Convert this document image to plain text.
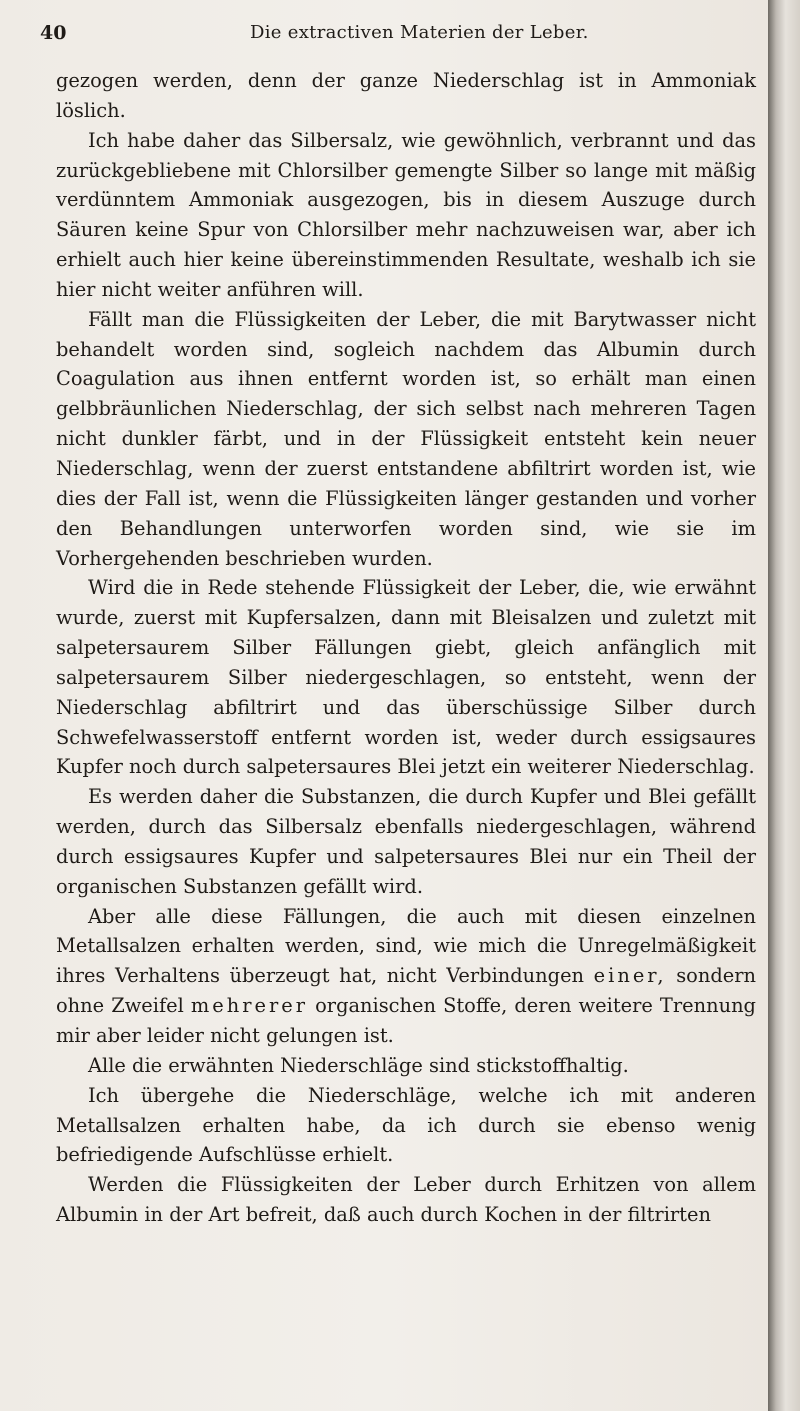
40	Die extractiven Materien der Leber.

gezogen werden, denn der ganze Niederschlag ist in Ammoniak löslich.

Ich habe daher das Silbersalz, wie gewöhnlich, verbrannt und das zurückgebliebene mit Chlorsilber gemengte Silber so lange mit mäßig verdünntem Ammoniak ausgezogen, bis in diesem Auszuge durch Säuren keine Spur von Chlorsilber mehr nachzuweisen war, aber ich erhielt auch hier keine übereinstimmenden Resultate, weshalb ich sie hier nicht weiter anführen will.

Fällt man die Flüssigkeiten der Leber, die mit Barytwasser nicht behandelt worden sind, sogleich nachdem das Albumin durch Coagulation aus ihnen entfernt worden ist, so erhält man einen gelbbräunlichen Niederschlag, der sich selbst nach mehreren Tagen nicht dunkler färbt, und in der Flüssigkeit entsteht kein neuer Niederschlag, wenn der zuerst entstandene abfiltrirt worden ist, wie dies der Fall ist, wenn die Flüssigkeiten länger gestanden und vorher den Behandlungen unterworfen worden sind, wie sie im Vorhergehenden beschrieben wurden.

Wird die in Rede stehende Flüssigkeit der Leber, die, wie erwähnt wurde, zuerst mit Kupfersalzen, dann mit Bleisalzen und zuletzt mit salpetersaurem Silber Fällungen giebt, gleich anfänglich mit salpetersaurem Silber niedergeschlagen, so entsteht, wenn der Niederschlag abfiltrirt und das überschüssige Silber durch Schwefelwasserstoff entfernt worden ist, weder durch essigsaures Kupfer noch durch salpetersaures Blei jetzt ein weiterer Niederschlag.

Es werden daher die Substanzen, die durch Kupfer und Blei gefällt werden, durch das Silbersalz ebenfalls niedergeschlagen, während durch essigsaures Kupfer und salpetersaures Blei nur ein Theil der organischen Substanzen gefällt wird.

Aber alle diese Fällungen, die auch mit diesen einzelnen Metallsalzen erhalten werden, sind, wie mich die Unregelmäßigkeit ihres Verhaltens überzeugt hat, nicht Verbindungen einer, sondern ohne Zweifel mehrerer organischen Stoffe, deren weitere Trennung mir aber leider nicht gelungen ist.

Alle die erwähnten Niederschläge sind stickstoffhaltig.

Ich übergehe die Niederschläge, welche ich mit anderen Metallsalzen erhalten habe, da ich durch sie ebenso wenig befriedigende Aufschlüsse erhielt.

Werden die Flüssigkeiten der Leber durch Erhitzen von allem Albumin in der Art befreit, daß auch durch Kochen in der filtrirten
